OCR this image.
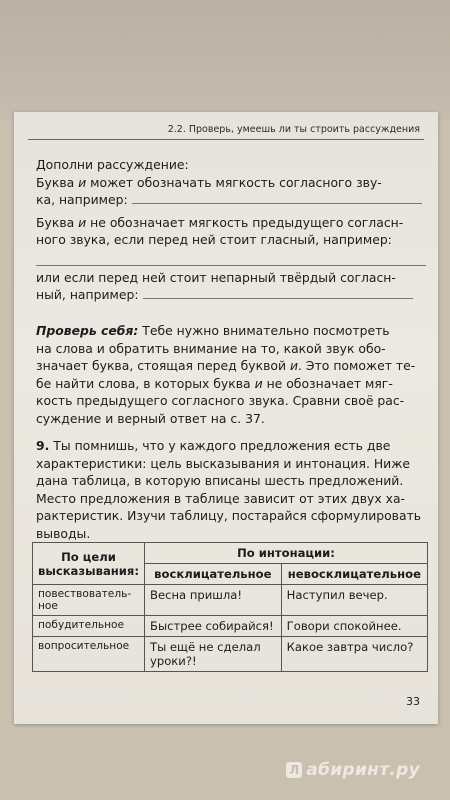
2.2. Проверь, умеешь ли ты строить рассуждения
Дополни рассуждение:
Буква и может обозначать мягкость согласного зву-
ка, например:
Буква и не обозначает мягкость предыдущего согласн-
ного звука, если перед ней стоит гласный, например:
или если перед ней стоит непарный твёрдый согласн-
ный, например:
Проверь себя: Тебе нужно внимательно посмотреть
на слова и обратить внимание на то, какой звук обо-
значает буква, стоящая перед буквой и. Это поможет те-
бе найти слова, в которых буква и не обозначает мяг-
кость предыдущего согласного звука. Сравни своё рас-
суждение и верный ответ на с. 37.
9. Ты помнишь, что у каждого предложения есть две
характеристики: цель высказывания и интонация. Ниже
дана таблица, в которую вписаны шесть предложений.
Место предложения в таблице зависит от этих двух ха-
рактеристик. Изучи таблицу, постарайся сформулировать
выводы.
По цели
высказывания:	По интонации:	
	восклицательное	невосклицательное

повествователь-
ное	Весна пришла!	Наступил вечер.

побудительное	Быстрее собирайся!	Говори спокойнее.

вопросительное	Ты ещё не сделал
уроки?!	Какое завтра число?
33
Л абиринт.ру
